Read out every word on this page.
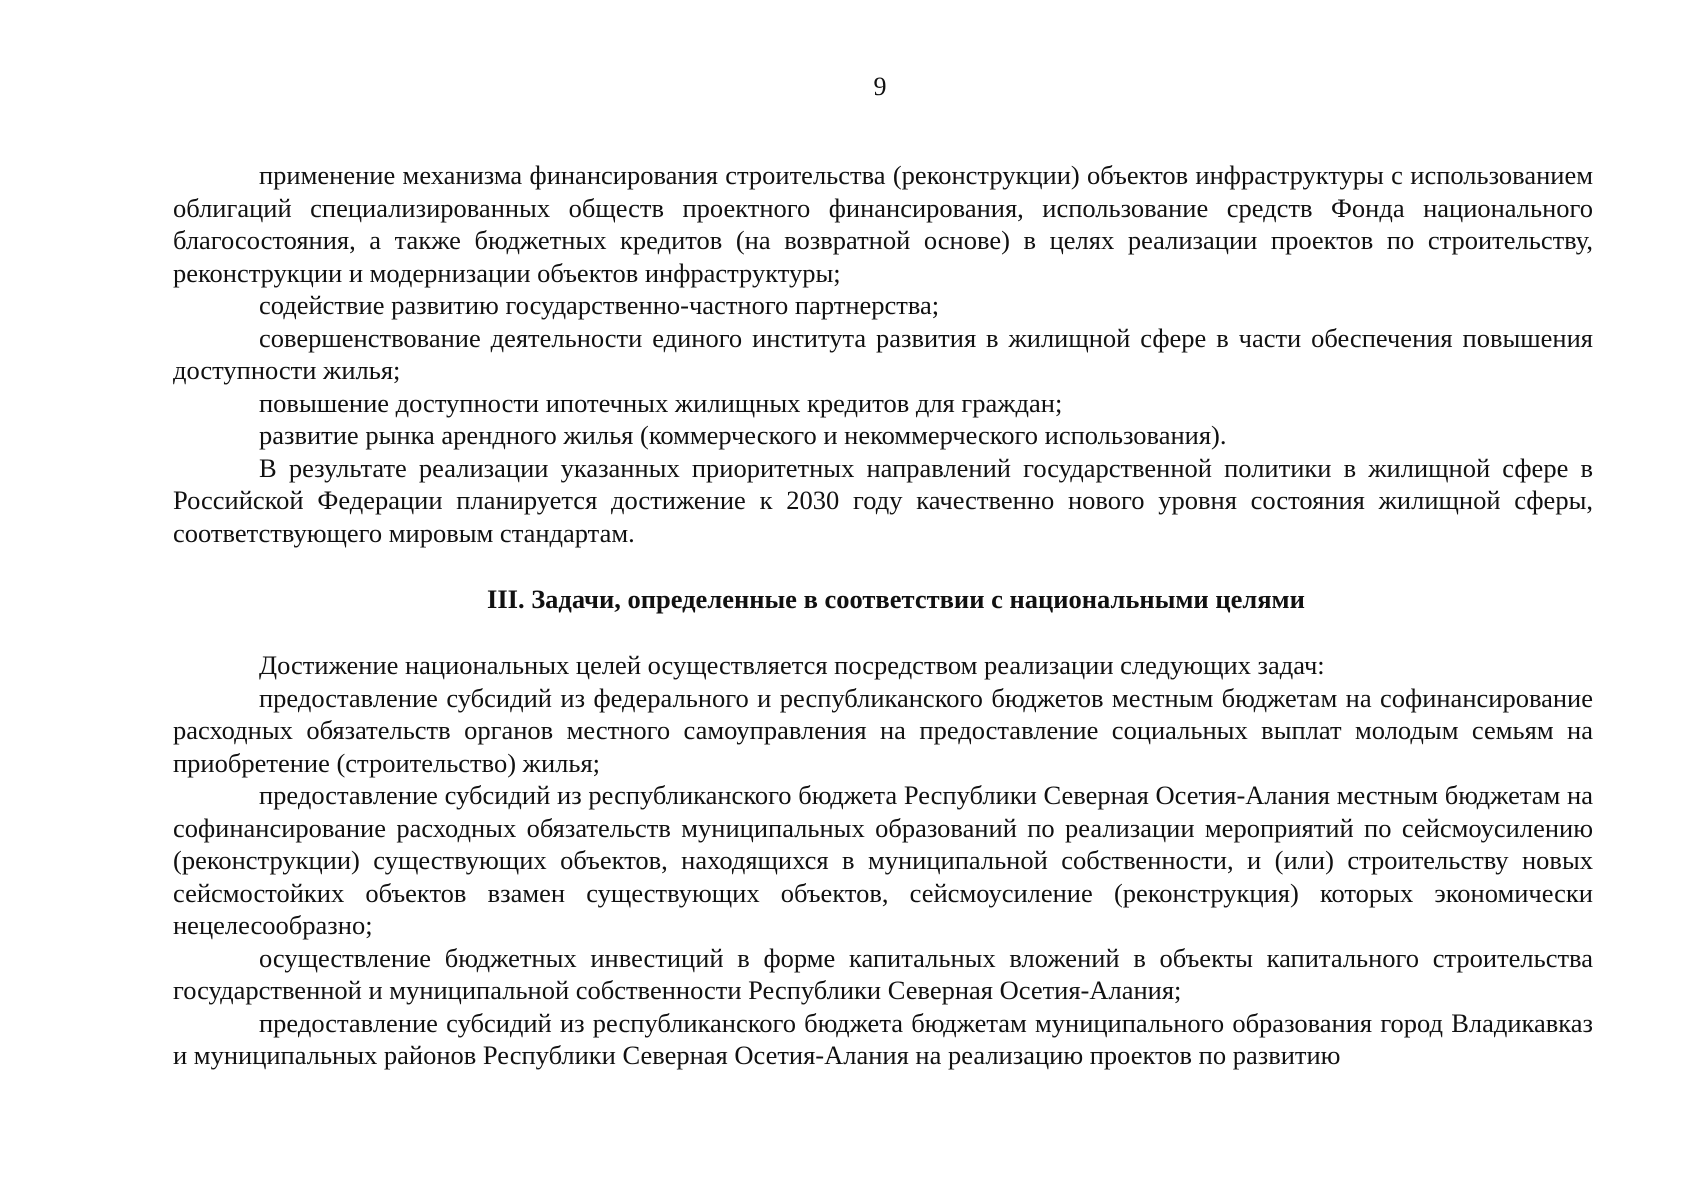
9

применение механизма финансирования строительства (реконструкции) объектов инфраструктуры с использованием облигаций специализированных обществ проектного финансирования, использование средств Фонда национального благосостояния, а также бюджетных кредитов (на возвратной основе) в целях реализации проектов по строительству, реконструкции и модернизации объектов инфраструктуры;

содействие развитию государственно-частного партнерства;

совершенствование деятельности единого института развития в жилищной сфере в части обеспечения повышения доступности жилья;

повышение доступности ипотечных жилищных кредитов для граждан;

развитие рынка арендного жилья (коммерческого и некоммерческого использования).

В результате реализации указанных приоритетных направлений государственной политики в жилищной сфере в Российской Федерации планируется достижение к 2030 году качественно нового уровня состояния жилищной сферы, соответствующего мировым стандартам.

III. Задачи, определенные в соответствии с национальными целями

Достижение национальных целей осуществляется посредством реализации следующих задач:

предоставление субсидий из федерального и республиканского бюджетов местным бюджетам на софинансирование расходных обязательств органов местного самоуправления на предоставление социальных выплат молодым семьям на приобретение (строительство) жилья;

предоставление субсидий из республиканского бюджета Республики Северная Осетия-Алания местным бюджетам на софинансирование расходных обязательств муниципальных образований по реализации мероприятий по сейсмоусилению (реконструкции) существующих объектов, находящихся в муниципальной собственности, и (или) строительству новых сейсмостойких объектов взамен существующих объектов, сейсмоусиление (реконструкция) которых экономически нецелесообразно;

осуществление бюджетных инвестиций в форме капитальных вложений в объекты капитального строительства государственной и муниципальной собственности Республики Северная Осетия-Алания;

предоставление субсидий из республиканского бюджета бюджетам муниципального образования город Владикавказ и муниципальных районов Республики Северная Осетия-Алания на реализацию проектов по развитию
